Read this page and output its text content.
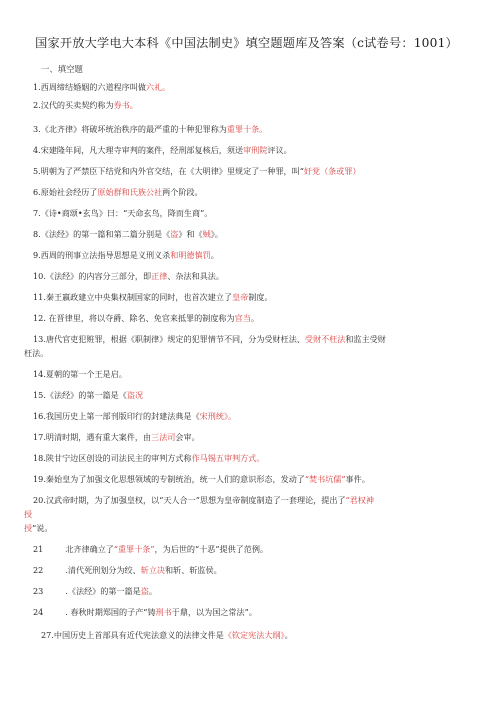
国家开放大学电大本科《中国法制史》填空题题库及答案（c试卷号：1001）
一、填空题
1.西周缔结婚姻的六道程序叫做六礼。
2.汉代的买卖契约称为券书。
3.《北齐律》将破坏统治秩序的最严重的十种犯罪称为重罪十条。
4.宋建隆年间，凡大理寺审判的案件，经刑部复核后，须送审刑院评议。
5.明朝为了严禁臣下结党和内外官交结，在《大明律》里规定了一种罪，叫“奸党（条或罪）
6.原始社会经历了原始群和氏族公社两个阶段。
7.《诗•商颂•玄鸟》曰：“天命玄鸟，降而生商”。
8.《法经》的第一篇和第二篇分别是《盗》和《贼》。
9.西周的刑事立法指导思想是义刑义杀和明德慎罚。
10.《法经》的内容分三部分，即正律、杂法和具法。
11.秦王嬴政建立中央集权制国家的同时，也首次建立了皇帝制度。
12. 在晋律里，将以夺爵、除名、免官来抵罪的制度称为官当。
13.唐代官吏犯赃罪，根据《职制律》规定的犯罪情节不同，分为受财枉法、受财不枉法和监主受财
枉法。
14.夏朝的第一个王是启。
15.《法经》的第一篇是《盗况
16.我国历史上第一部刊版印行的封建法典是《宋刑统》。
17.明清时期，遇有重大案件，由三法司会审。
18.陕甘宁边区创设的司法民主的审判方式称作马锡五审判方式。
19.秦始皇为了加强文化思想领域的专制统治，统一人们的意识形态，发动了“焚书坑儒”事件。
20.汉武帝时期，为了加强皇权，以“天人合一”思想为皇帝制度制造了一套理论，提出了“君权神
授
授”说。
21	北齐律确立了“重罪十条”，为后世的“十恶”提供了范例。
22	.清代死刑划分为绞、斩立决和斩、斩监侯。
23	.《法经》的第一篇是盗。
24	. 春秋时期郑国的子产“铸刑书于鼎，以为国之常法”。
27.中国历史上首部具有近代宪法意义的法律文件是《钦定宪法大纲》。
